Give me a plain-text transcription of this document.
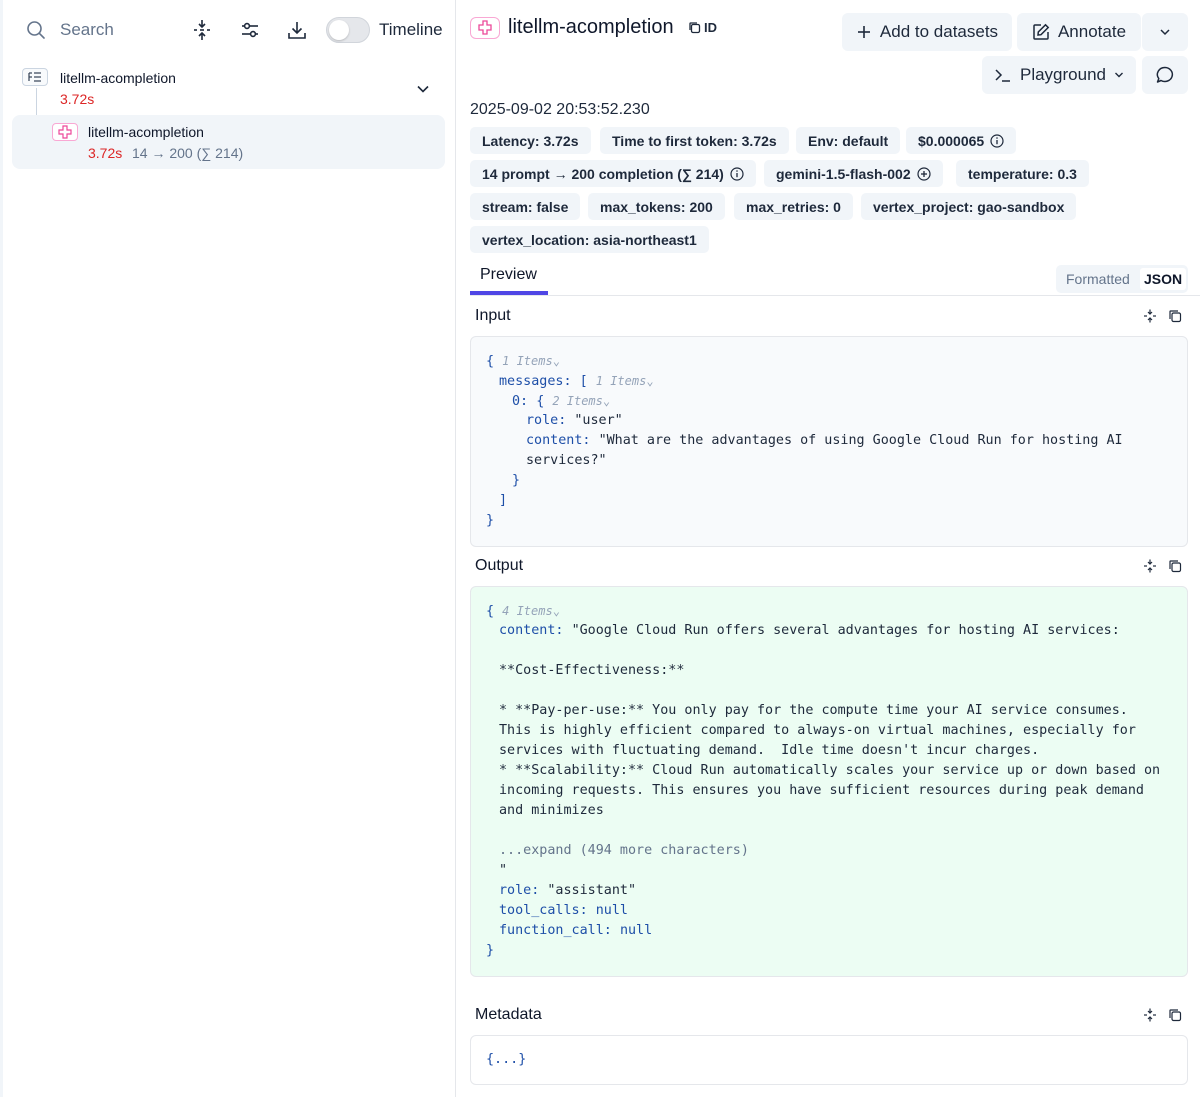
Search	Timeline
litellm-acompletion
3.72s
litellm-acompletion
3.72s 14 → 200 (∑ 214)
litellm-acompletion	ID	Add to datasets	Annotate
Playground
2025-09-02 20:53:52.230
Latency: 3.72s Time to first token: 3.72s Env: default $0.000065
14 prompt → 200 completion (∑ 214)	gemini-1.5-flash-002	temperature: 0.3
stream: false max_tokens: 200 max_retries: 0 vertex_project: gao-sandbox
vertex_location: asia-northeast1
Preview	Formatted JSON
Input
{ 1 Items⌄
messages: [ 1 Items⌄
0: { 2 Items⌄
role: "user"
content: "What are the advantages of using Google Cloud Run for hosting AI
services?"
}
]
}
Output
{ 4 Items⌄
content: "Google Cloud Run offers several advantages for hosting AI services:
**Cost-Effectiveness:**
* **Pay-per-use:** You only pay for the compute time your AI service consumes.
This is highly efficient compared to always-on virtual machines, especially for
services with fluctuating demand.  Idle time doesn't incur charges.
* **Scalability:** Cloud Run automatically scales your service up or down based on
incoming requests. This ensures you have sufficient resources during peak demand
and minimizes
...expand (494 more characters)
"
role: "assistant"
tool_calls: null
function_call: null
}
Metadata
{...}
